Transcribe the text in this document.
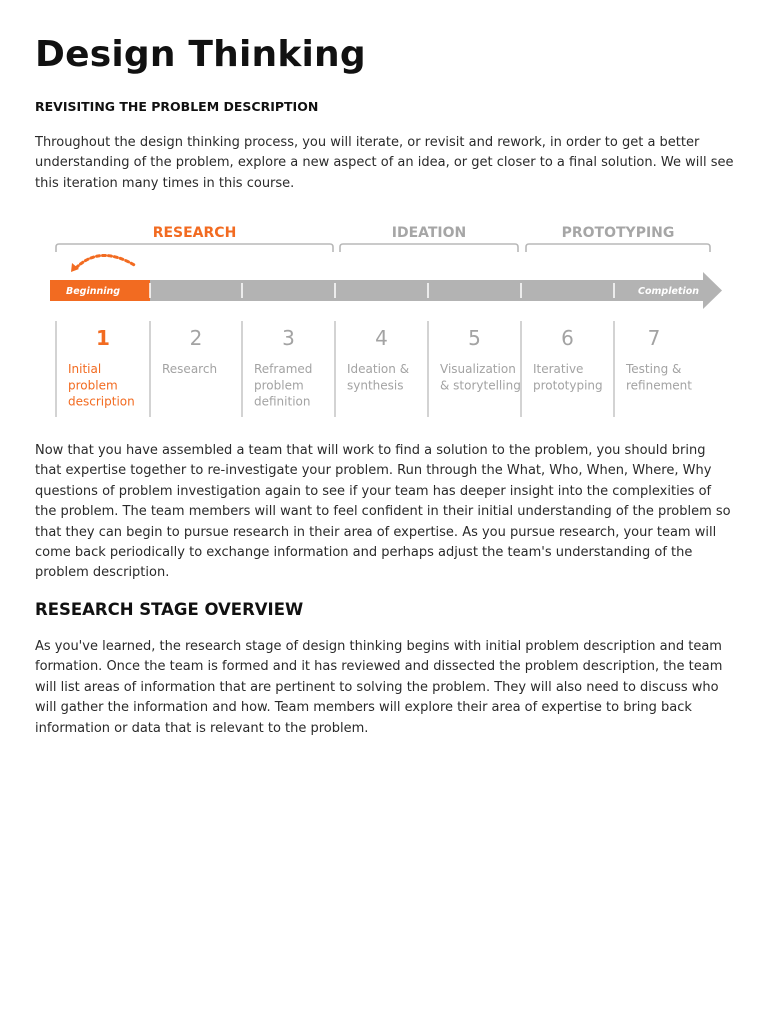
Design Thinking
REVISITING THE PROBLEM DESCRIPTION

Throughout the design thinking process, you will iterate, or revisit and rework, in order to get a better understanding of the problem, explore a new aspect of an idea, or get closer to a final solution. We will see this iteration many times in this course.

RESEARCH	IDEATION	PROTOTYPING
Beginning	Completion
1
Initial
problem
description
2
Research
3
Reframed
problem
definition
4
Ideation &
synthesis
5
Visualization
& storytelling
6
Iterative
prototyping
7
Testing &
refinement

Now that you have assembled a team that will work to find a solution to the problem, you should bring that expertise together to re-investigate your problem. Run through the What, Who, When, Where, Why questions of problem investigation again to see if your team has deeper insight into the complexities of the problem. The team members will want to feel confident in their initial understanding of the problem so that they can begin to pursue research in their area of expertise. As you pursue research, your team will come back periodically to exchange information and perhaps adjust the team's understanding of the problem description.

RESEARCH STAGE OVERVIEW

As you've learned, the research stage of design thinking begins with initial problem description and team formation. Once the team is formed and it has reviewed and dissected the problem description, the team will list areas of information that are pertinent to solving the problem. They will also need to discuss who will gather the information and how. Team members will explore their area of expertise to bring back information or data that is relevant to the problem.
